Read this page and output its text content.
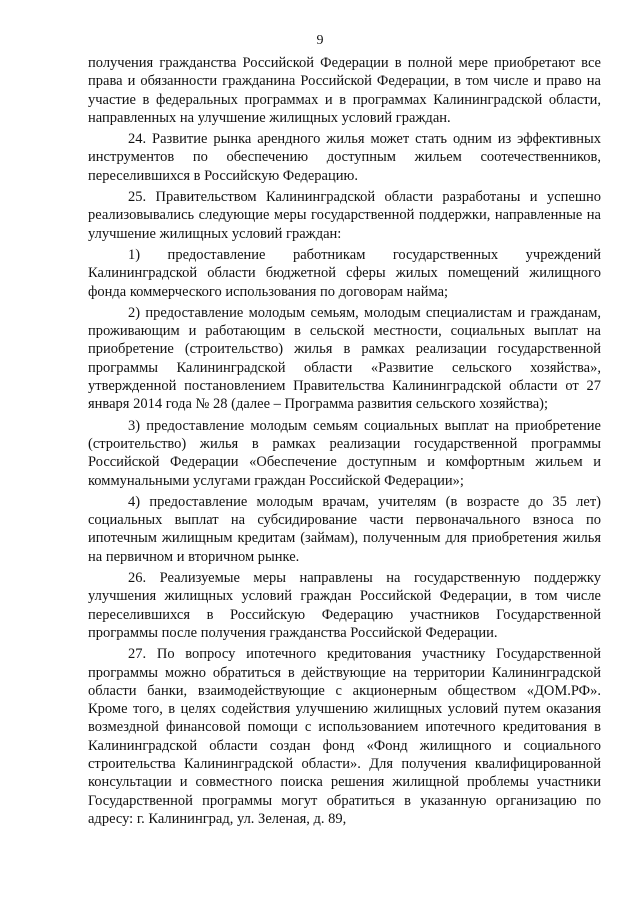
9

получения гражданства Российской Федерации в полной мере приобретают все права и обязанности гражданина Российской Федерации, в том числе и право на участие в федеральных программах и в программах Калининградской области, направленных на улучшение жилищных условий граждан.

24. Развитие рынка арендного жилья может стать одним из эффективных инструментов по обеспечению доступным жильем соотечественников, переселившихся в Российскую Федерацию.

25. Правительством Калининградской области разработаны и успешно реализовывались следующие меры государственной поддержки, направленные на улучшение жилищных условий граждан:

1) предоставление работникам государственных учреждений Калининградской области бюджетной сферы жилых помещений жилищного фонда коммерческого использования по договорам найма;

2) предоставление молодым семьям, молодым специалистам и гражданам, проживающим и работающим в сельской местности, социальных выплат на приобретение (строительство) жилья в рамках реализации государственной программы Калининградской области «Развитие сельского хозяйства», утвержденной постановлением Правительства Калининградской области от 27 января 2014 года № 28 (далее – Программа развития сельского хозяйства);

3) предоставление молодым семьям социальных выплат на приобретение (строительство) жилья в рамках реализации государственной программы Российской Федерации «Обеспечение доступным и комфортным жильем и коммунальными услугами граждан Российской Федерации»;

4) предоставление молодым врачам, учителям (в возрасте до 35 лет) социальных выплат на субсидирование части первоначального взноса по ипотечным жилищным кредитам (займам), полученным для приобретения жилья на первичном и вторичном рынке.

26. Реализуемые меры направлены на государственную поддержку улучшения жилищных условий граждан Российской Федерации, в том числе переселившихся в Российскую Федерацию участников Государственной программы после получения гражданства Российской Федерации.

27. По вопросу ипотечного кредитования участнику Государственной программы можно обратиться в действующие на территории Калининградской области банки, взаимодействующие с акционерным обществом «ДОМ.РФ». Кроме того, в целях содействия улучшению жилищных условий путем оказания возмездной финансовой помощи с использованием ипотечного кредитования в Калининградской области создан фонд «Фонд жилищного и социального строительства Калининградской области». Для получения квалифицированной консультации и совместного поиска решения жилищной проблемы участники Государственной программы могут обратиться в указанную организацию по адресу: г. Калининград, ул. Зеленая, д. 89,
